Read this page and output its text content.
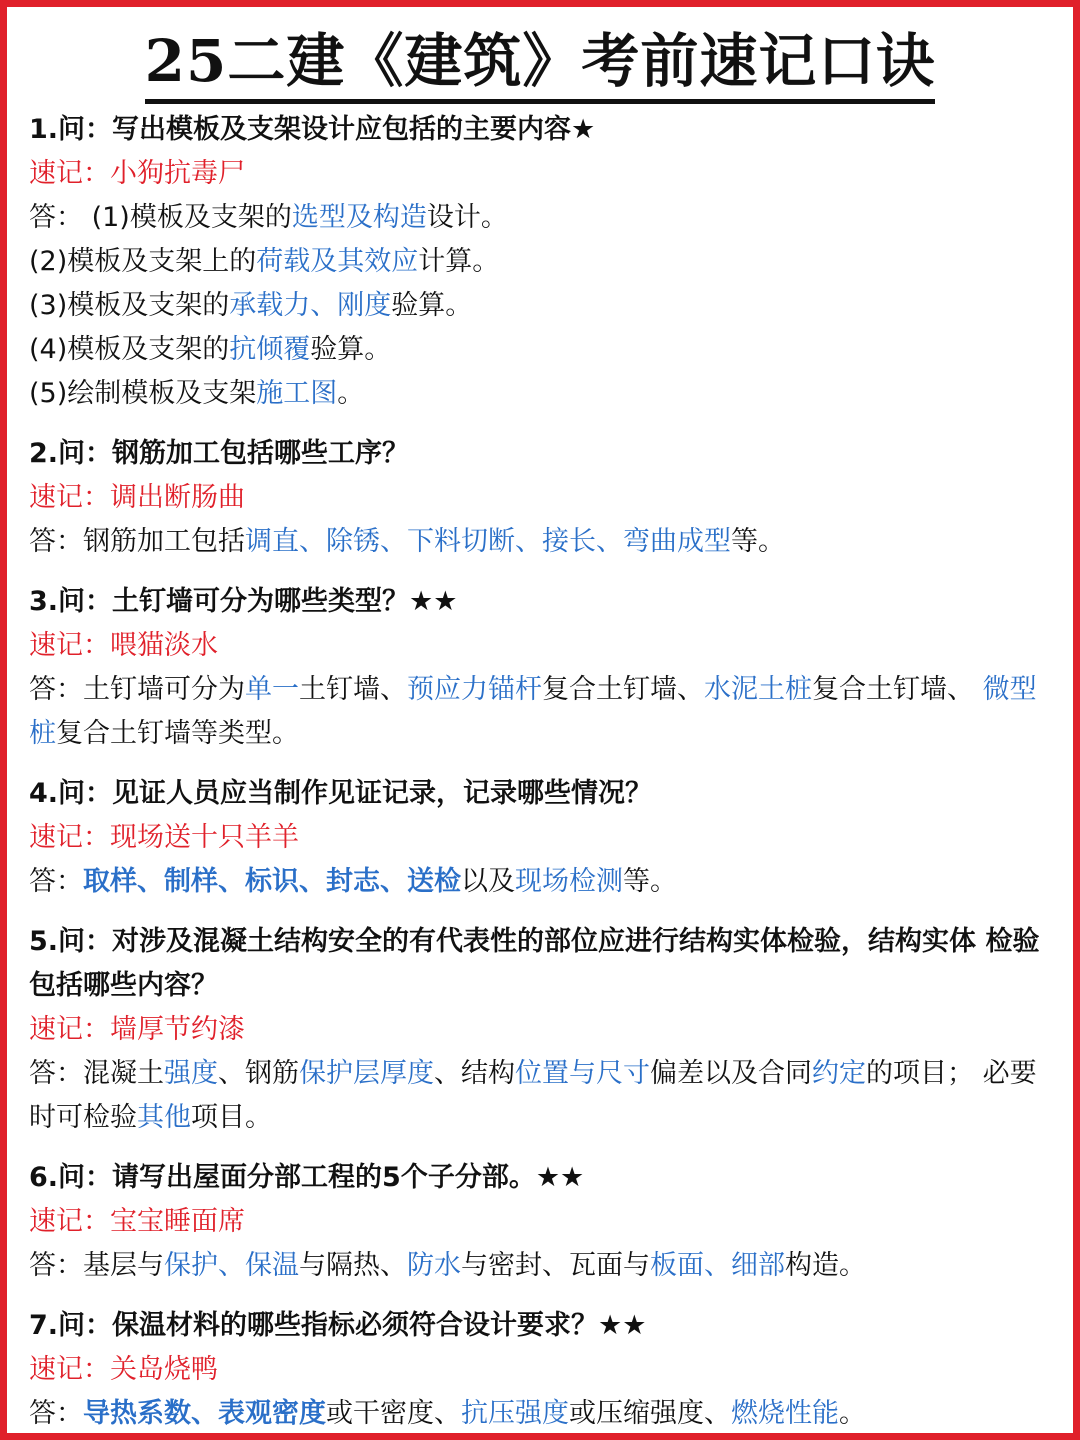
25二建《建筑》考前速记口诀
1.问：写出模板及支架设计应包括的主要内容★
速记：小狗抗毒尸
答： (1)模板及支架的选型及构造设计。
(2)模板及支架上的荷载及其效应计算。
(3)模板及支架的承载力、刚度验算。
(4)模板及支架的抗倾覆验算。
(5)绘制模板及支架施工图。
2.问：钢筋加工包括哪些工序？
速记：调出断肠曲
答：钢筋加工包括调直、除锈、下料切断、接长、弯曲成型等。
3.问：土钉墙可分为哪些类型？★★
速记：喂猫淡水
答：土钉墙可分为单一土钉墙、预应力锚杆复合土钉墙、水泥土桩复合土钉墙、 微型桩复合土钉墙等类型。
4.问：见证人员应当制作见证记录，记录哪些情况？
速记：现场送十只羊羊
答：取样、制样、标识、封志、送检以及现场检测等。
5.问：对涉及混凝土结构安全的有代表性的部位应进行结构实体检验，结构实体 检验包括哪些内容？
速记：墙厚节约漆
答：混凝土强度、钢筋保护层厚度、结构位置与尺寸偏差以及合同约定的项目； 必要时可检验其他项目。
6.问：请写出屋面分部工程的5个子分部。★★
速记：宝宝睡面席
答：基层与保护、保温与隔热、防水与密封、瓦面与板面、细部构造。
7.问：保温材料的哪些指标必须符合设计要求？★★
速记：关岛烧鸭
答：导热系数、表观密度或干密度、抗压强度或压缩强度、燃烧性能。
